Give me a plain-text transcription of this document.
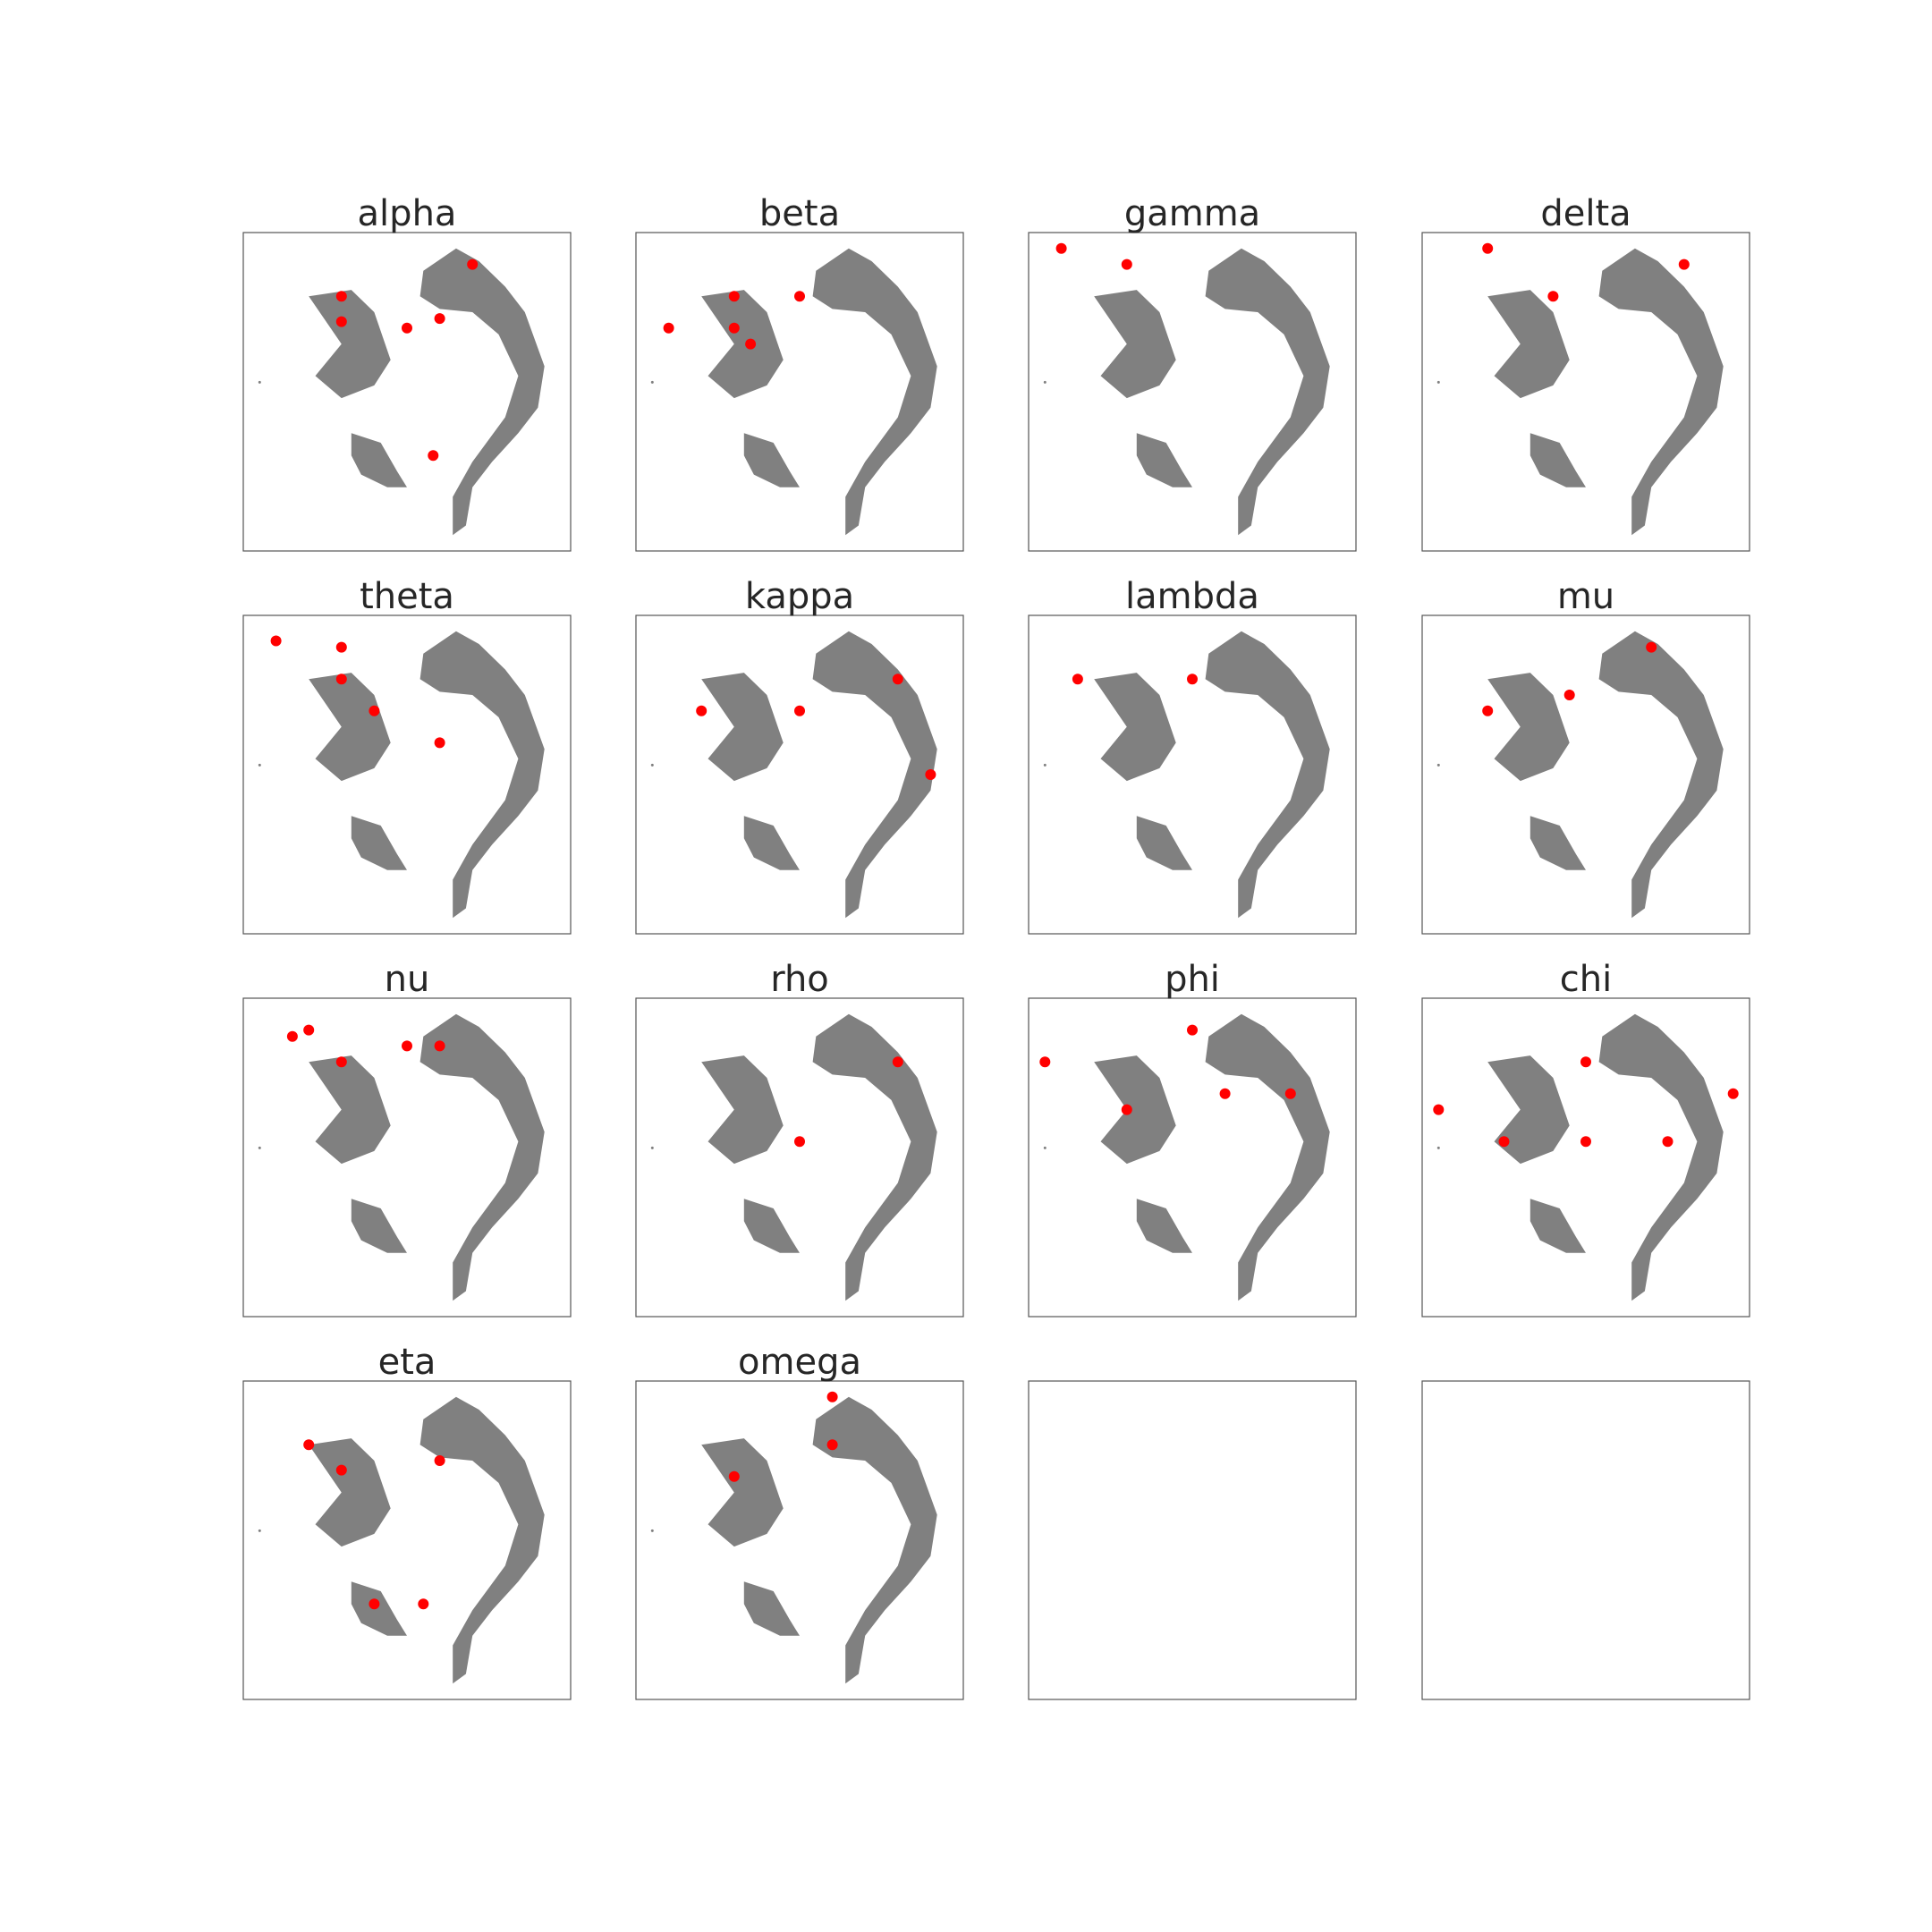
alpha	beta	gamma	delta
theta	kappa	lambda	mu
nu	rho	phi	chi
eta	omega
